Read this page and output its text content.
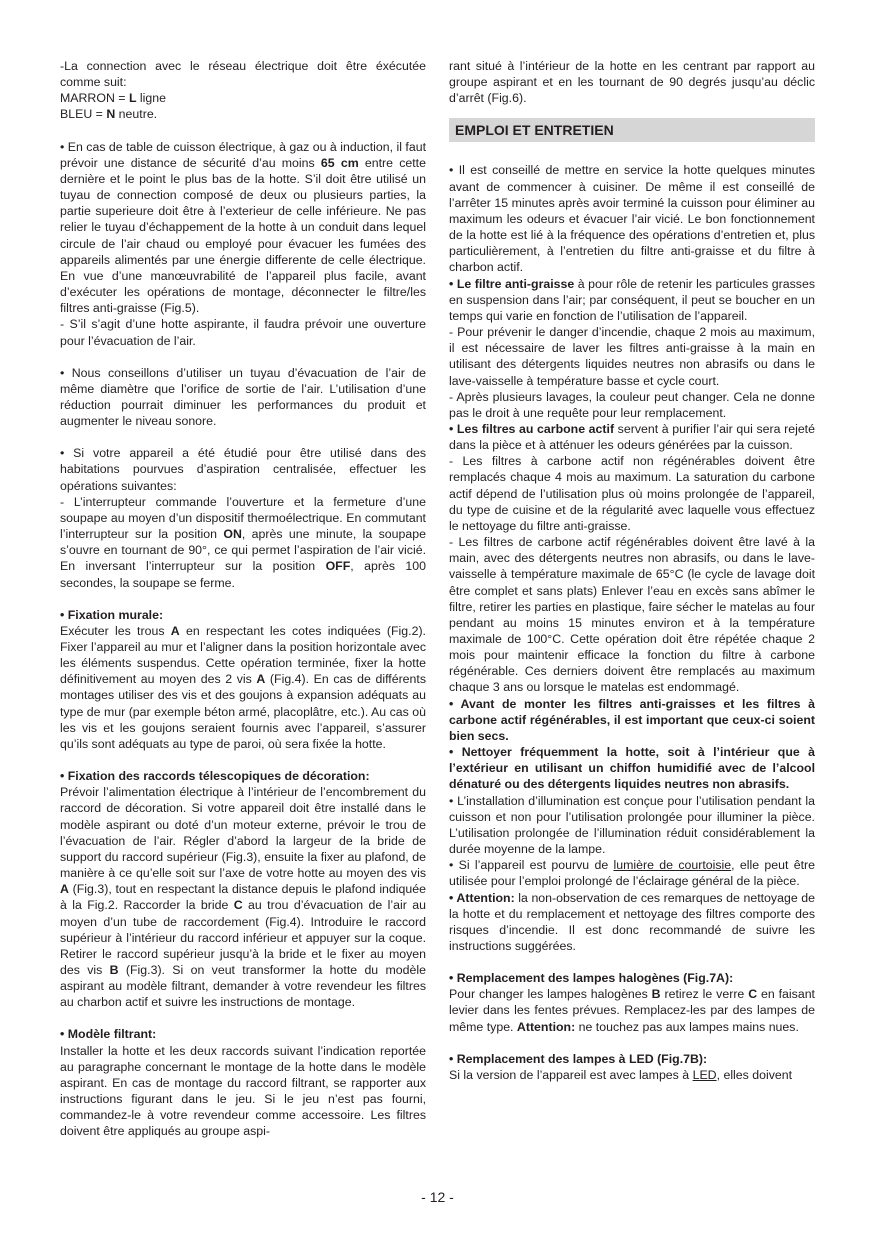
-La connection avec le réseau électrique doit être éxécutée comme suit:
MARRON = L ligne
BLEU = N neutre.

• En cas de table de cuisson électrique, à gaz ou à induction, il faut prévoir une distance de sécurité d’au moins 65 cm entre cette dernière et le point le plus bas de la hotte. S’il doit être utilisé un tuyau de connection composé de deux ou plusieurs parties, la partie superieure doit être à l’exterieur de celle inférieure. Ne pas relier le tuyau d’échappement de la hotte à un conduit dans lequel circule de l’air chaud ou employé pour évacuer les fumées des appareils alimentés par une énergie differente de celle électrique. En vue d’une manœuvrabilité de l’appareil plus facile, avant d’exécuter les opérations de montage, déconnecter le filtre/les filtres anti-graisse (Fig.5).

- S’il s’agit d’une hotte aspirante, il faudra prévoir une ouverture pour l’évacuation de l’air.

• Nous conseillons d’utiliser un tuyau d’évacuation de l’air de même diamètre que l’orifice de sortie de l’air. L’utilisation d’une réduction pourrait diminuer les performances du produit et augmenter le niveau sonore.

• Si votre appareil a été étudié pour être utilisé dans des habitations pourvues d’aspiration centralisée, effectuer les opérations suivantes:

- L’interrupteur commande l’ouverture et la fermeture d’une soupape au moyen d’un dispositif thermoélectrique. En commutant l’interrupteur sur la position ON, après une minute, la soupape s’ouvre en tournant de 90°, ce qui permet l’aspiration de l’air vicié. En inversant l’interrupteur sur la position OFF, après 100 secondes, la soupape se ferme.

• Fixation murale:

Exécuter les trous A en respectant les cotes indiquées (Fig.2). Fixer l’appareil au mur et l’aligner dans la position horizontale avec les éléments suspendus. Cette opération terminée, fixer la hotte définitivement au moyen des 2 vis A (Fig.4). En cas de différents montages utiliser des vis et des goujons à expansion adéquats au type de mur (par exemple béton armé, placoplâtre, etc.). Au cas où les vis et les goujons seraient fournis avec l’appareil, s’assurer qu’ils sont adéquats au type de paroi, où sera fixée la hotte.

• Fixation des raccords télescopiques de décoration:

Prévoir l’alimentation électrique à l’intérieur de l’encombrement du raccord de décoration. Si votre appareil doit être installé dans le modèle aspirant ou doté d’un moteur externe, prévoir le trou de l’évacuation de l’air. Régler d’abord la largeur de la bride de support du raccord supérieur (Fig.3), ensuite la fixer au plafond, de manière à ce qu’elle soit sur l’axe de votre hotte au moyen des vis A (Fig.3), tout en respectant la distance depuis le plafond indiquée à la Fig.2. Raccorder la bride C au trou d’évacuation de l’air au moyen d’un tube de raccordement (Fig.4). Introduire le raccord supérieur à l’intérieur du raccord inférieur et appuyer sur la coque. Retirer le raccord supérieur jusqu’à la bride et le fixer au moyen des vis B (Fig.3). Si on veut transformer la hotte du modèle aspirant au modèle filtrant, demander à votre revendeur les filtres au charbon actif et suivre les instructions de montage.

• Modèle filtrant:

Installer la hotte et les deux raccords suivant l’indication reportée au paragraphe concernant le montage de la hotte dans le modèle aspirant. En cas de montage du raccord filtrant, se rapporter aux instructions figurant dans le jeu. Si le jeu n’est pas fourni, commandez-le à votre revendeur comme accessoire. Les filtres doivent être appliqués au groupe aspi-

rant situé à l’intérieur de la hotte en les centrant par rapport au groupe aspirant et en les tournant de 90 degrés jusqu’au déclic d’arrêt (Fig.6).

EMPLOI ET ENTRETIEN

• Il est conseillé de mettre en service la hotte quelques minutes avant de commencer à cuisiner. De même il est conseillé de l’arrêter 15 minutes après avoir terminé la cuisson pour éliminer au maximum les odeurs et évacuer l’air vicié. Le bon fonctionnement de la hotte est lié à la fréquence des opérations d’entretien et, plus particulièrement, à l’entretien du filtre anti-graisse et du filtre à charbon actif.

• Le filtre anti-graisse à pour rôle de retenir les particules grasses en suspension dans l’air; par conséquent, il peut se boucher en un temps qui varie en fonction de l’utilisation de l’appareil.

- Pour prévenir le danger d’incendie, chaque 2 mois au maximum, il est nécessaire de laver les filtres anti-graisse à la main en utilisant des détergents liquides neutres non abrasifs ou dans le lave-vaisselle à température basse et cycle court.

- Après plusieurs lavages, la couleur peut changer. Cela ne donne pas le droit à une requête pour leur remplacement.

• Les filtres au carbone actif servent à purifier l’air qui sera rejeté dans la pièce et à atténuer les odeurs générées par la cuisson.

- Les filtres à carbone actif non régénérables doivent être remplacés chaque 4 mois au maximum. La saturation du carbone actif dépend de l’utilisation plus où moins prolongée de l’appareil, du type de cuisine et de la régularité avec laquelle vous effectuez le nettoyage du filtre anti-graisse.

- Les filtres de carbone actif régénérables doivent être lavé à la main, avec des détergents neutres non abrasifs, ou dans le lave-vaisselle à température maximale de 65°C (le cycle de lavage doit être complet et sans plats) Enlever l’eau en excès sans abîmer le filtre, retirer les parties en plastique, faire sécher le matelas au four pendant au moins 15 minutes environ et à la température maximale de 100°C. Cette opération doit être répétée chaque 2 mois pour maintenir efficace la fonction du filtre à carbone régénérable. Ces derniers doivent être remplacés au maximum chaque 3 ans ou lorsque le matelas est endommagé.

• Avant de monter les filtres anti-graisses et les filtres à carbone actif régénérables, il est important que ceux-ci soient bien secs.

• Nettoyer fréquemment la hotte, soit à l’intérieur que à l’extérieur en utilisant un chiffon humidifié avec de l’alcool dénaturé ou des détergents liquides neutres non abrasifs.

• L’installation d’illumination est conçue pour l’utilisation pendant la cuisson et non pour l’utilisation prolongée pour illuminer la pièce. L’utilisation prolongée de l’illumination réduit considérablement la durée moyenne de la lampe.

• Si l’appareil est pourvu de lumière de courtoisie, elle peut être utilisée pour l’emploi prolongé de l’éclairage général de la pièce.

• Attention: la non-observation de ces remarques de nettoyage de la hotte et du remplacement et nettoyage des filtres comporte des risques d’incendie. Il est donc recommandé de suivre les instructions suggérées.

• Remplacement des lampes halogènes (Fig.7A):

Pour changer les lampes halogènes B retirez le verre C en faisant levier dans les fentes prévues. Remplacez-les par des lampes de même type. Attention: ne touchez pas aux lampes mains nues.

• Remplacement des lampes à LED (Fig.7B):

Si la version de l’appareil est avec lampes à LED, elles doivent

- 12 -
